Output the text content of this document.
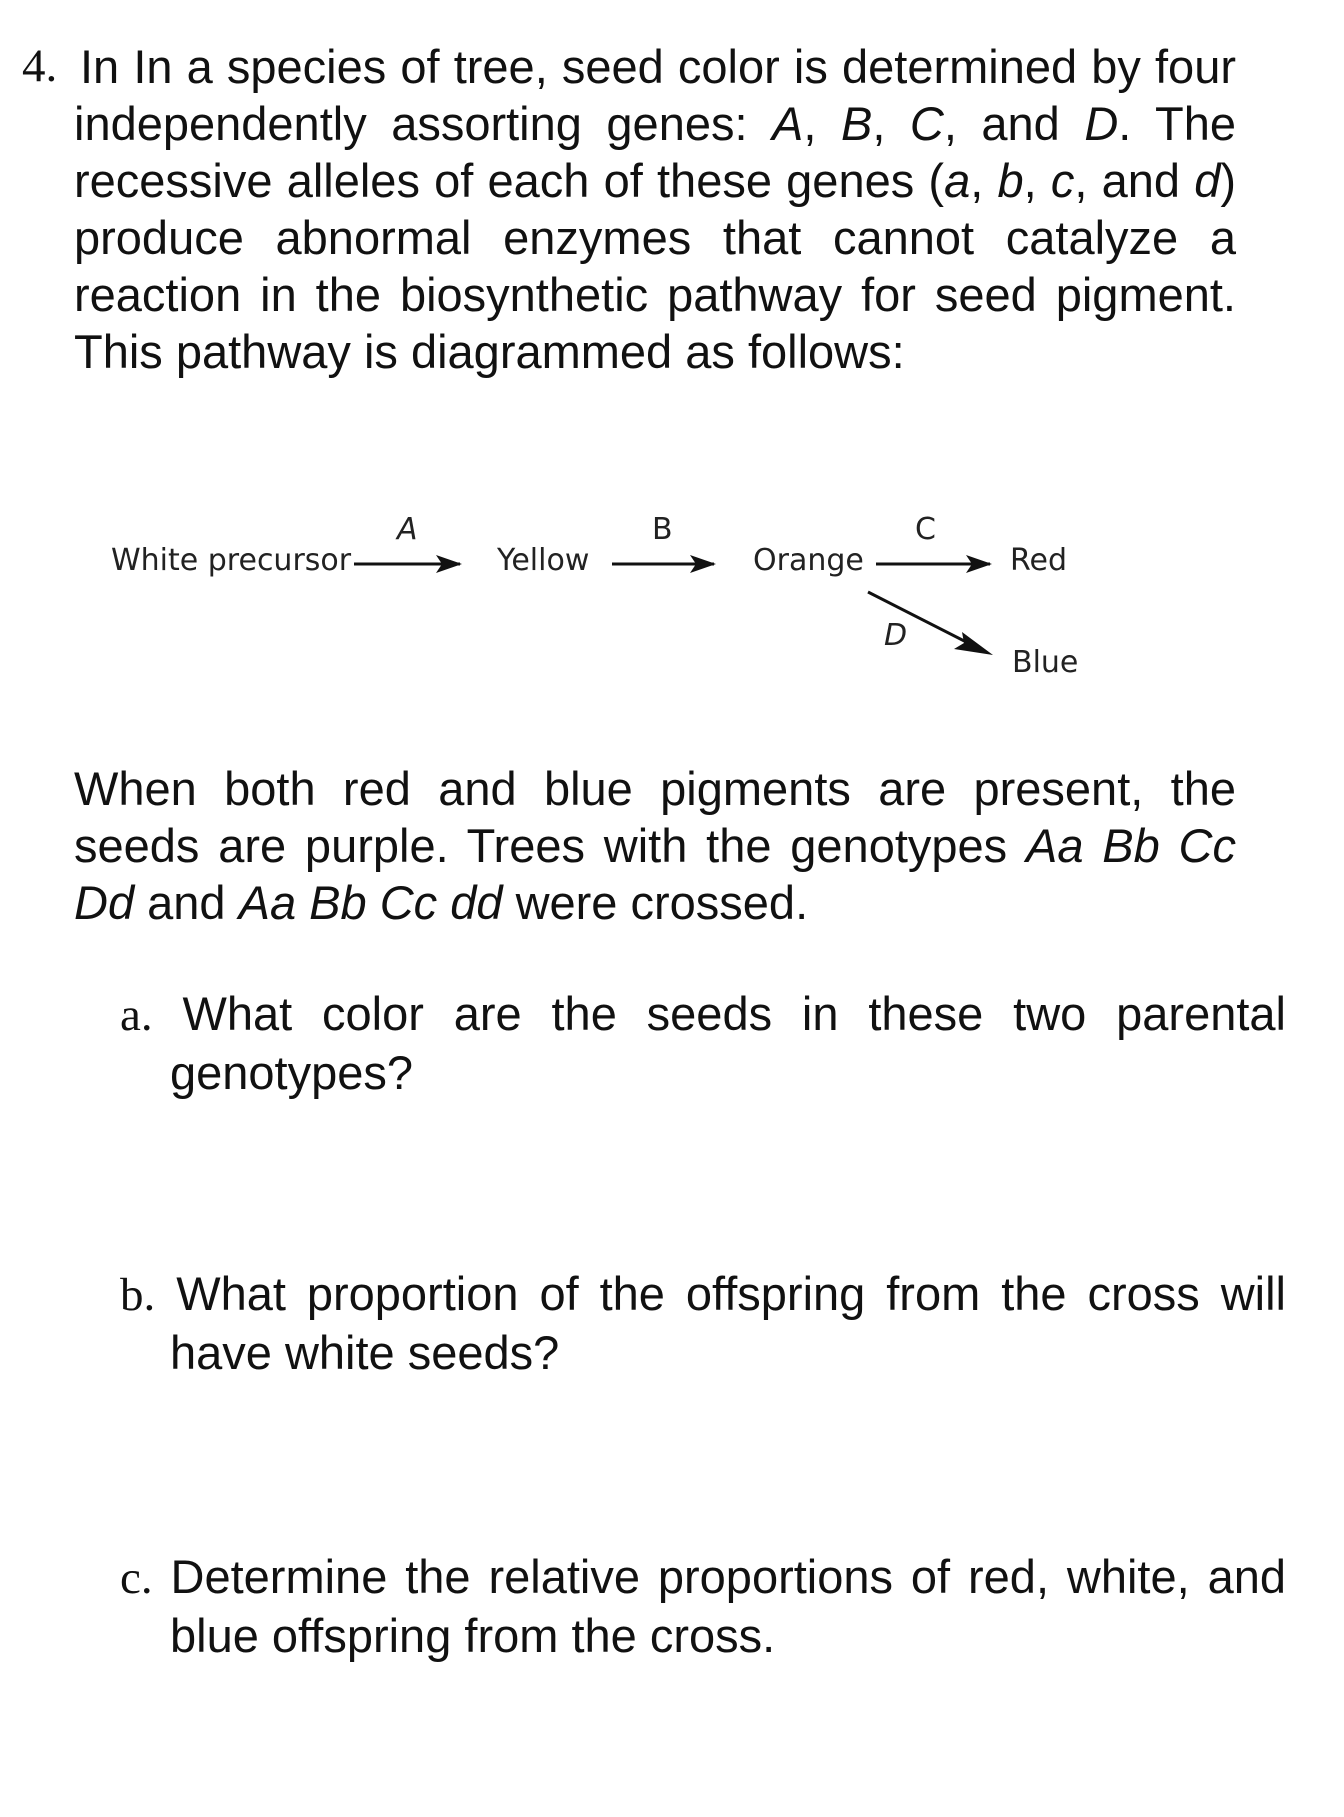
4. In In a species of tree, seed color is determined by four independently assorting genes: A, B, C, and D. The recessive alleles of each of these genes (a, b, c, and d) produce abnormal enzymes that cannot catalyze a reaction in the biosynthetic pathway for seed pigment. This pathway is diagrammed as follows:

White precursor
A
Yellow
B
Orange
C
Red
D
Blue

When both red and blue pigments are present, the seeds are purple. Trees with the genotypes Aa Bb Cc Dd and Aa Bb Cc dd were crossed.

a. What color are the seeds in these two parental genotypes?

b. What proportion of the offspring from the cross will have white seeds?

c. Determine the relative proportions of red, white, and blue offspring from the cross.
